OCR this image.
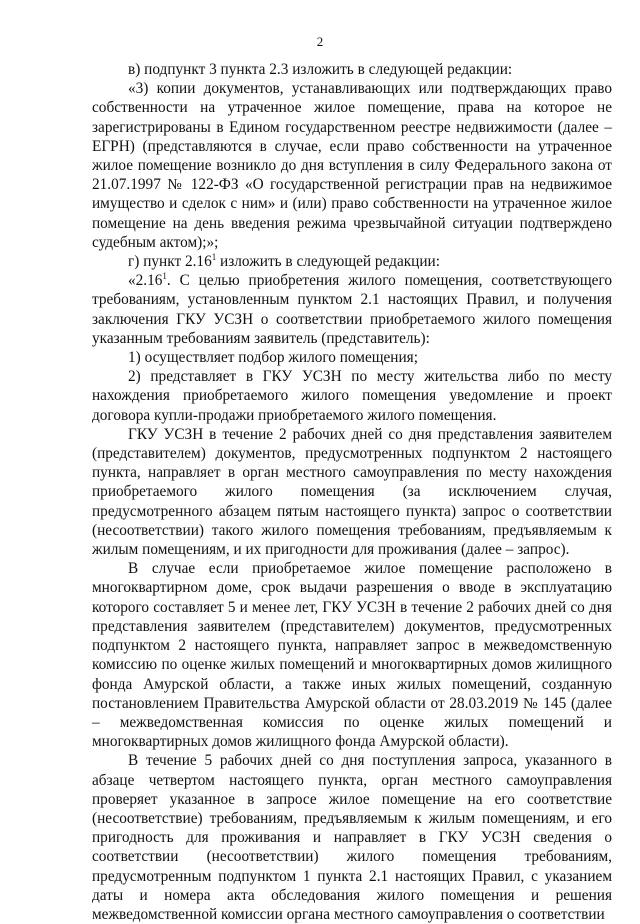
2

в) подпункт 3 пункта 2.3 изложить в следующей редакции:

«3) копии документов, устанавливающих или подтверждающих право собственности на утраченное жилое помещение, права на которое не зарегистрированы в Едином государственном реестре недвижимости (далее – ЕГРН) (представляются в случае, если право собственности на утраченное жилое помещение возникло до дня вступления в силу Федерального закона от 21.07.1997 № 122-ФЗ «О государственной регистрации прав на недвижимое имущество и сделок с ним» и (или) право собственности на утраченное жилое помещение на день введения режима чрезвычайной ситуации подтверждено судебным актом);»;

г) пункт 2.16$^1$ изложить в следующей редакции:

«2.16$^1$. С целью приобретения жилого помещения, соответствующего требованиям, установленным пунктом 2.1 настоящих Правил, и получения заключения ГКУ УСЗН о соответствии приобретаемого жилого помещения указанным требованиям заявитель (представитель):

1) осуществляет подбор жилого помещения;

2) представляет в ГКУ УСЗН по месту жительства либо по месту нахождения приобретаемого жилого помещения уведомление и проект договора купли-продажи приобретаемого жилого помещения.

ГКУ УСЗН в течение 2 рабочих дней со дня представления заявителем (представителем) документов, предусмотренных подпунктом 2 настоящего пункта, направляет в орган местного самоуправления по месту нахождения приобретаемого жилого помещения (за исключением случая, предусмотренного абзацем пятым настоящего пункта) запрос о соответствии (несоответствии) такого жилого помещения требованиям, предъявляемым к жилым помещениям, и их пригодности для проживания (далее – запрос).

В случае если приобретаемое жилое помещение расположено в многоквартирном доме, срок выдачи разрешения о вводе в эксплуатацию которого составляет 5 и менее лет, ГКУ УСЗН в течение 2 рабочих дней со дня представления заявителем (представителем) документов, предусмотренных подпунктом 2 настоящего пункта, направляет запрос в межведомственную комиссию по оценке жилых помещений и многоквартирных домов жилищного фонда Амурской области, а также иных жилых помещений, созданную постановлением Правительства Амурской области от 28.03.2019 № 145 (далее – межведомственная комиссия по оценке жилых помещений и многоквартирных домов жилищного фонда Амурской области).

В течение 5 рабочих дней со дня поступления запроса, указанного в абзаце четвертом настоящего пункта, орган местного самоуправления проверяет указанное в запросе жилое помещение на его соответствие (несоответствие) требованиям, предъявляемым к жилым помещениям, и его пригодность для проживания и направляет в ГКУ УСЗН сведения о соответствии (несоответствии) жилого помещения требованиям, предусмотренным подпунктом 1 пункта 2.1 настоящих Правил, с указанием даты и номера акта обследования жилого помещения и решения межведомственной комиссии органа местного самоуправления о соответствии
